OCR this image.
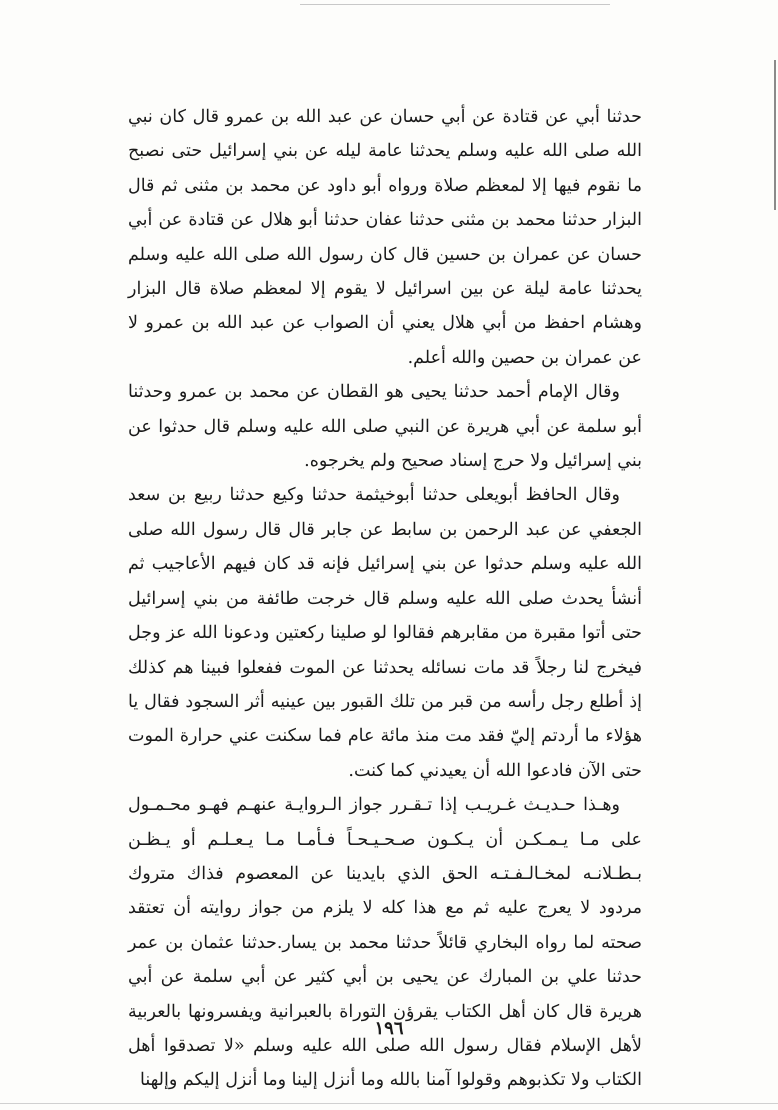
حدثنا أبي عن قتادة عن أبي حسان عن عبد الله بن عمرو قال كان نبي الله صلى الله عليه وسلم يحدثنا عامة ليله عن بني إسرائيل حتى نصبح ما نقوم فيها إلا لمعظم صلاة ورواه أبو داود عن محمد بن مثنى ثم قال البزار حدثنا محمد بن مثنى حدثنا عفان حدثنا أبو هلال عن قتادة عن أبي حسان عن عمران بن حسين قال كان رسول الله صلى الله عليه وسلم يحدثنا عامة ليلة عن بين اسرائيل لا يقوم إلا لمعظم صلاة قال البزار وهشام احفظ من أبي هلال يعني أن الصواب عن عبد الله بن عمرو لا عن عمران بن حصين والله أعلم.

وقال الإمام أحمد حدثنا يحيى هو القطان عن محمد بن عمرو وحدثنا أبو سلمة عن أبي هريرة عن النبي صلى الله عليه وسلم قال حدثوا عن بني إسرائيل ولا حرج إسناد صحيح ولم يخرجوه.

وقال الحافظ أبويعلى حدثنا أبوخيثمة حدثنا وكيع حدثنا ربيع بن سعد الجعفي عن عبد الرحمن بن سابط عن جابر قال قال رسول الله صلى الله عليه وسلم حدثوا عن بني إسرائيل فإنه قد كان فيهم الأعاجيب ثم أنشأ يحدث صلى الله عليه وسلم قال خرجت طائفة من بني إسرائيل حتى أتوا مقبرة من مقابرهم فقالوا لو صلينا ركعتين ودعونا الله عز وجل فيخرج لنا رجلاً قد مات نسائله يحدثنا عن الموت ففعلوا فبينا هم كذلك إذ أطلع رجل رأسه من قبر من تلك القبور بين عينيه أثر السجود فقال يا هؤلاء ما أردتم إليّ فقد مت منذ مائة عام فما سكنت عني حرارة الموت حتى الآن فادعوا الله أن يعيدني كما كنت.

وهـذا حـديـث غـريـب إذا تـقـرر جواز الـروايـة عنهـم فهـو محـمـول على مـا يـمـكـن أن يـكـون صـحـيـحـاً فـأمـا مـا يـعـلـم أو يـظـن بـطـلانـه لمخـالـفـتـه الحق الذي بايدينا عن المعصوم فذاك متروك مردود لا يعرج عليه ثم مع هذا كله لا يلزم من جواز روايته أن تعتقد صحته لما رواه البخاري قائلاً حدثنا محمد بن يسار.حدثنا عثمان بن عمر حدثنا علي بن المبارك عن يحيى بن أبي كثير عن أبي سلمة عن أبي هريرة قال كان أهل الكتاب يقرؤن التوراة بالعبرانية ويفسرونها بالعربية لأهل الإسلام فقال رسول الله صلى الله عليه وسلم «لا تصدقوا أهل الكتاب ولا تكذبوهم وقولوا آمنا بالله وما أنزل إلينا وما أنزل إليكم وإلهنا

١٩٦
